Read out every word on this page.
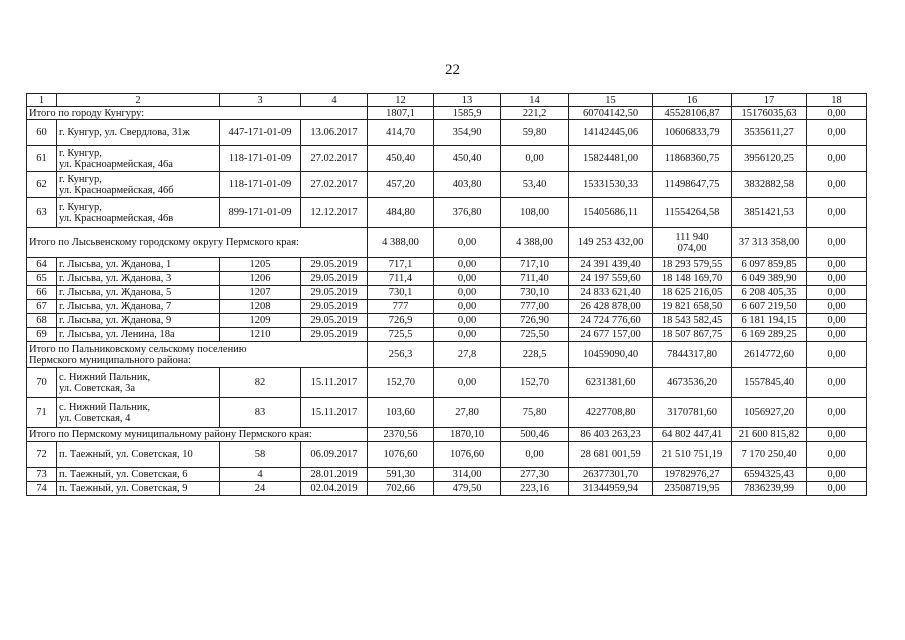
22
1	2	3	4	12	13	14	15	16	17	18
Итого по городу Кунгуру:				1807,1	1585,9	221,2	60704142,50	45528106,87	15176035,63	0,00
60	г. Кунгур, ул. Свердлова, 31ж	447-171-01-09	13.06.2017	414,70	354,90	59,80	14142445,06	10606833,79	3535611,27	0,00
61	г. Кунгур,
ул. Красноармейская, 46а	118-171-01-09	27.02.2017	450,40	450,40	0,00	15824481,00	11868360,75	3956120,25	0,00
62	г. Кунгур,
ул. Красноармейская, 46б	118-171-01-09	27.02.2017	457,20	403,80	53,40	15331530,33	11498647,75	3832882,58	0,00
63	г. Кунгур,
ул. Красноармейская, 46в	899-171-01-09	12.12.2017	484,80	376,80	108,00	15405686,11	11554264,58	3851421,53	0,00
Итого по Лысьвенскому городскому округу Пермского края:				4 388,00	0,00	4 388,00	149 253 432,00	111 940
074,00	37 313 358,00	0,00
64	г. Лысьва, ул. Жданова, 1	1205	29.05.2019	717,1	0,00	717,10	24 391 439,40	18 293 579,55	6 097 859,85	0,00
65	г. Лысьва, ул. Жданова, 3	1206	29.05.2019	711,4	0,00	711,40	24 197 559,60	18 148 169,70	6 049 389,90	0,00
66	г. Лысьва, ул. Жданова, 5	1207	29.05.2019	730,1	0,00	730,10	24 833 621,40	18 625 216,05	6 208 405,35	0,00
67	г. Лысьва, ул. Жданова, 7	1208	29.05.2019	777	0,00	777,00	26 428 878,00	19 821 658,50	6 607 219,50	0,00
68	г. Лысьва, ул. Жданова, 9	1209	29.05.2019	726,9	0,00	726,90	24 724 776,60	18 543 582,45	6 181 194,15	0,00
69	г. Лысьва, ул. Ленина, 18а	1210	29.05.2019	725,5	0,00	725,50	24 677 157,00	18 507 867,75	6 169 289,25	0,00
Итого по Пальниковскому сельскому поселению
Пермского муниципального района:				256,3	27,8	228,5	10459090,40	7844317,80	2614772,60	0,00
70	с. Нижний Пальник,
ул. Советская, 3а	82	15.11.2017	152,70	0,00	152,70	6231381,60	4673536,20	1557845,40	0,00
71	с. Нижний Пальник,
ул. Советская, 4	83	15.11.2017	103,60	27,80	75,80	4227708,80	3170781,60	1056927,20	0,00
Итого по Пермскому муниципальному району Пермского края:				2370,56	1870,10	500,46	86 403 263,23	64 802 447,41	21 600 815,82	0,00
72	п. Таежный, ул. Советская, 10	58	06.09.2017	1076,60	1076,60	0,00	28 681 001,59	21 510 751,19	7 170 250,40	0,00
73	п. Таежный, ул. Советская, 6	4	28.01.2019	591,30	314,00	277,30	26377301,70	19782976,27	6594325,43	0,00
74	п. Таежный, ул. Советская, 9	24	02.04.2019	702,66	479,50	223,16	31344959,94	23508719,95	7836239,99	0,00
